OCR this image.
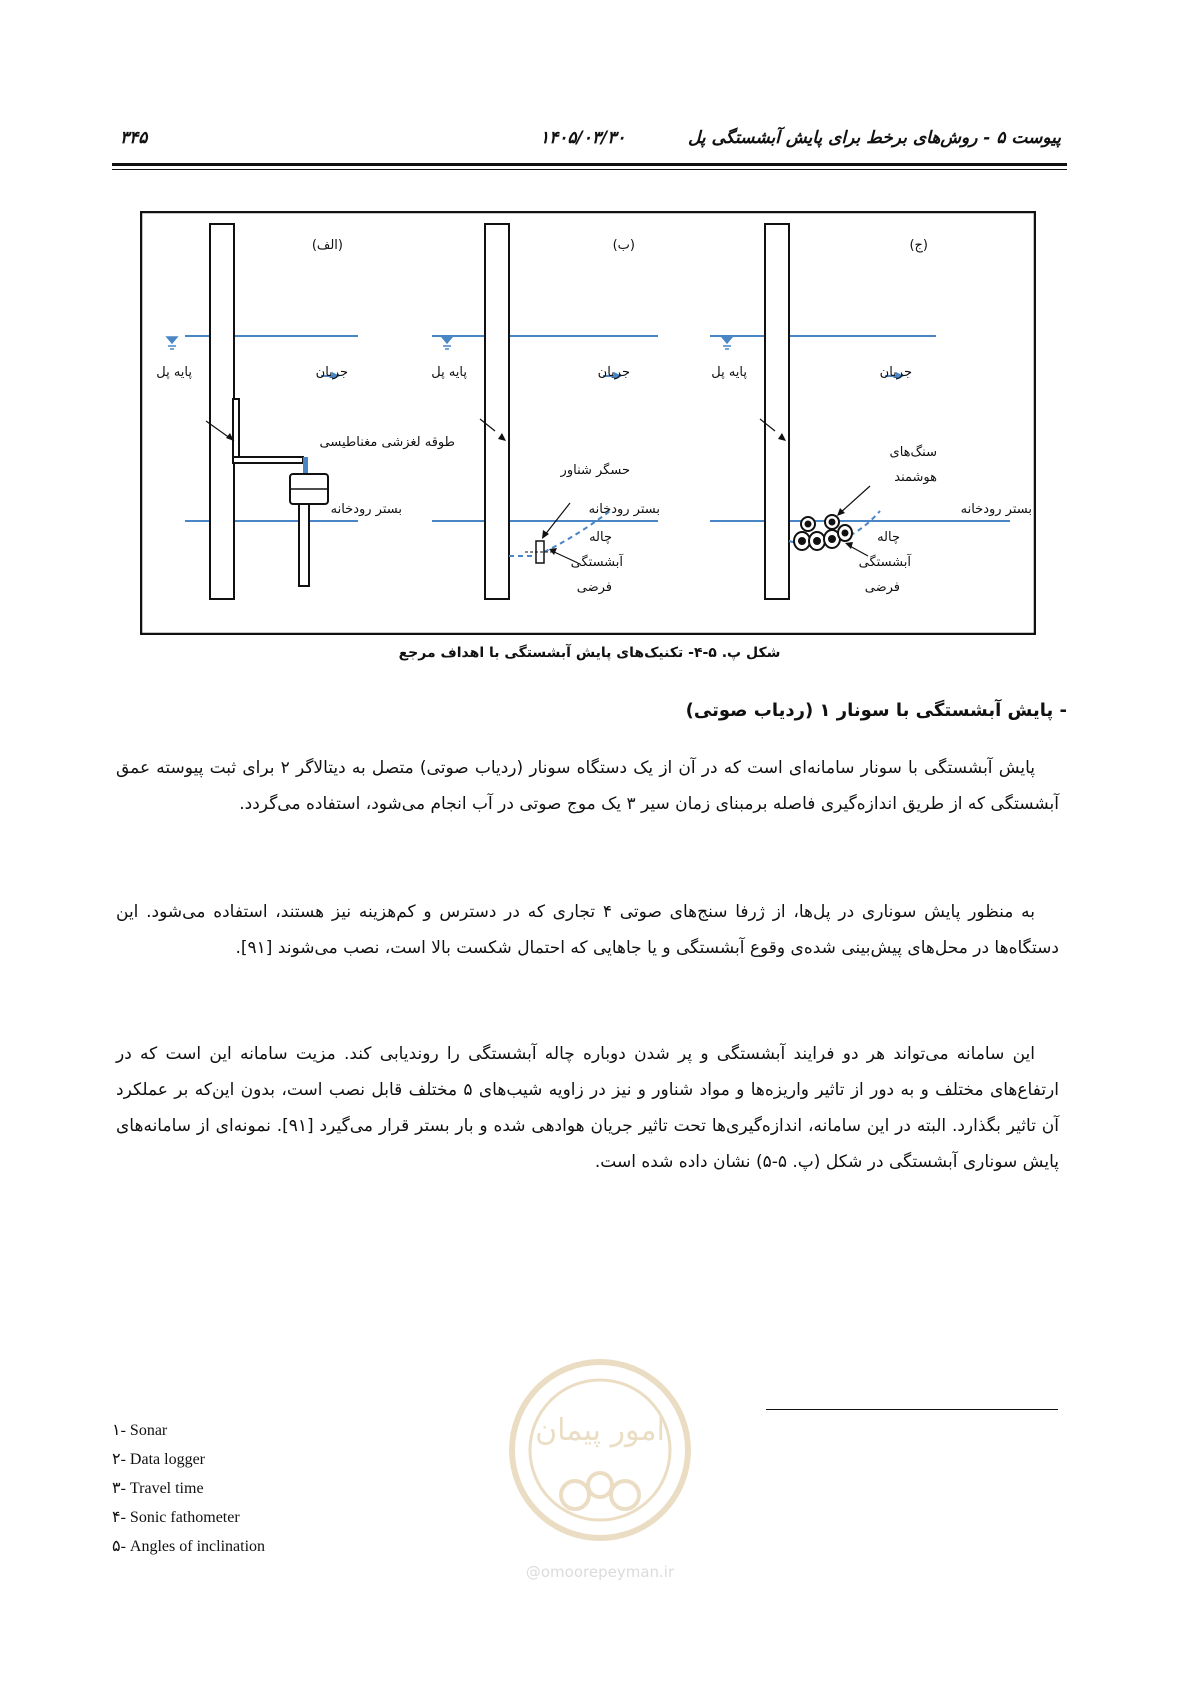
پیوست ۵ - روش‌های برخط برای پایش آبشستگی پل
۱۴۰۵/۰۳/۳۰
۳۴۵
(الف)
پایه پل	جریان
طوقه لغزشی مغناطیسی
بستر رودخانه
(ب)
پایه پل	جریان
حسگر شناور
بستر رودخانه
چاله
آبشستگی
فرضی
(ج)
پایه پل	جریان
سنگ‌های
هوشمند
بستر رودخانه
چاله
آبشستگی
فرضی
شکل پ. ۵-۴- تکنیک‌های پایش آبشستگی با اهداف مرجع
- پایش آبشستگی با سونار ۱ (ردیاب صوتی)

پایش آبشستگی با سونار سامانه‌ای است که در آن از یک دستگاه سونار (ردیاب صوتی) متصل به دیتالاگر ۲ برای ثبت پیوسته عمق آبشستگی که از طریق اندازه‌گیری فاصله برمبنای زمان سیر ۳ یک موج صوتی در آب انجام می‌شود، استفاده می‌گردد.

به منظور پایش سوناری در پل‌ها، از ژرفا سنج‌های صوتی ۴ تجاری که در دسترس و کم‌هزینه نیز هستند، استفاده می‌شود. این دستگاه‌ها در محل‌های پیش‌بینی شده‌ی وقوع آبشستگی و یا جاهایی که احتمال شکست بالا است، نصب می‌شوند [۹۱].

این سامانه می‌تواند هر دو فرایند آبشستگی و پر شدن دوباره چاله آبشستگی را روندیابی کند. مزیت سامانه این است که در ارتفاع‌های مختلف و به دور از تاثیر واریزه‌ها و مواد شناور و نیز در زاویه شیب‌های ۵ مختلف قابل نصب است، بدون این‌که بر عملکرد آن تاثیر بگذارد. البته در این سامانه، اندازه‌گیری‌ها تحت تاثیر جریان هوادهی شده و بار بستر قرار می‌گیرد [۹۱]. نمونه‌ای از سامانه‌های پایش سوناری آبشستگی در شکل (پ. ۵-۵) نشان داده شده است.

امور پیمان
@omoorepeyman.ir
۱- Sonar
۲- Data logger
۳- Travel time
۴- Sonic fathometer
۵- Angles of inclination
